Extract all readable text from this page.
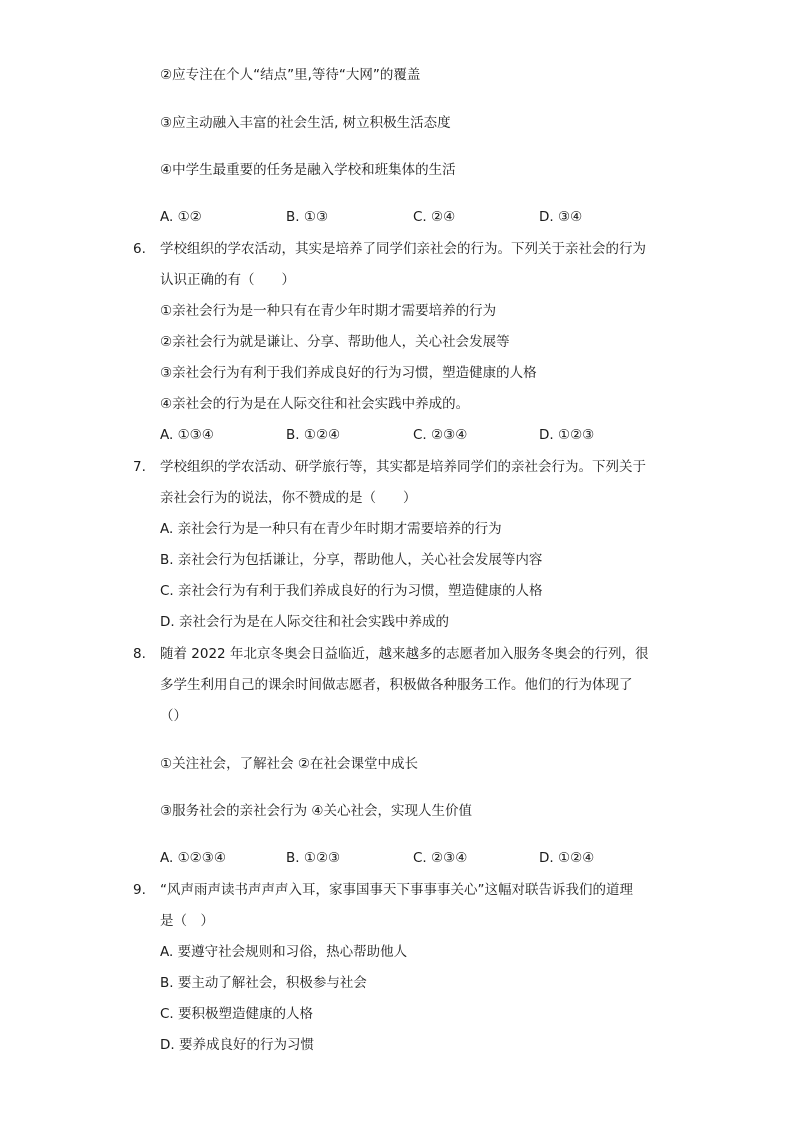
②应专注在个人“结点”里,等待“大网”的覆盖
③应主动融入丰富的社会生活, 树立积极生活态度
④中学生最重要的任务是融入学校和班集体的生活
A. ①②	B. ①③	C. ②④	D. ③④
6. 学校组织的学农活动，其实是培养了同学们亲社会的行为。下列关于亲社会的行为
认识正确的有（　　）
①亲社会行为是一种只有在青少年时期才需要培养的行为
②亲社会行为就是谦让、分享、帮助他人，关心社会发展等
③亲社会行为有利于我们养成良好的行为习惯，塑造健康的人格
④亲社会的行为是在人际交往和社会实践中养成的。
A. ①③④	B. ①②④	C. ②③④	D. ①②③
7. 学校组织的学农活动、研学旅行等，其实都是培养同学们的亲社会行为。下列关于
亲社会行为的说法，你不赞成的是（　　）
A. 亲社会行为是一种只有在青少年时期才需要培养的行为
B. 亲社会行为包括谦让，分享，帮助他人，关心社会发展等内容
C. 亲社会行为有利于我们养成良好的行为习惯，塑造健康的人格
D. 亲社会行为是在人际交往和社会实践中养成的
8. 随着 2022 年北京冬奥会日益临近，越来越多的志愿者加入服务冬奥会的行列，很
多学生利用自己的课余时间做志愿者，积极做各种服务工作。他们的行为体现了
（）
①关注社会，了解社会 ②在社会课堂中成长
③服务社会的亲社会行为 ④关心社会，实现人生价值
A. ①②③④	B. ①②③	C. ②③④	D. ①②④
9. “风声雨声读书声声声入耳，家事国事天下事事事关心”这幅对联告诉我们的道理
是（　）
A. 要遵守社会规则和习俗，热心帮助他人
B. 要主动了解社会，积极参与社会
C. 要积极塑造健康的人格
D. 要养成良好的行为习惯
